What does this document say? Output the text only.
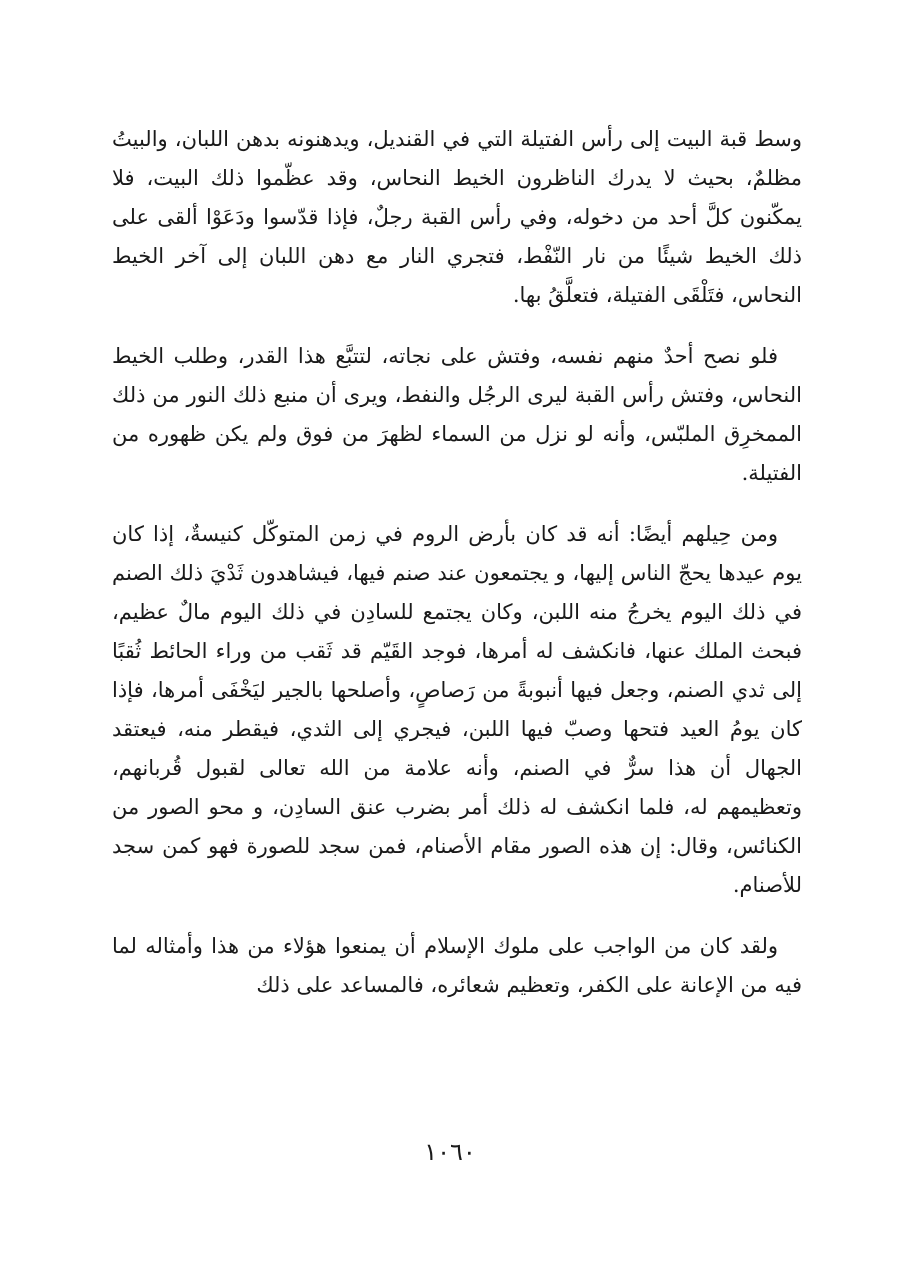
وسط قبة البيت إلى رأس الفتيلة التي في القنديل، ويدهنونه بدهن اللبان، والبيتُ مظلمٌ، بحيث لا يدرك الناظرون الخيط النحاس، وقد عظّموا ذلك البيت، فلا يمكّنون كلَّ أحد من دخوله، وفي رأس القبة رجلٌ، فإذا قدّسوا ودَعَوْا ألقى على ذلك الخيط شيئًا من نار النّفْط، فتجري النار مع دهن اللبان إلى آخر الخيط النحاس، فتَلْقَى الفتيلة، فتعلَّقُ بها.

فلو نصح أحدٌ منهم نفسه، وفتش على نجاته، لتتبَّع هذا القدر، وطلب الخيط النحاس، وفتش رأس القبة ليرى الرجُل والنفط، ويرى أن منبع ذلك النور من ذلك الممخرِق الملبّس، وأنه لو نزل من السماء لظهرَ من فوق ولم يكن ظهوره من الفتيلة.

ومن حِيلهم أيضًا: أنه قد كان بأرض الروم في زمن المتوكّل كنيسةٌ، إذا كان يوم عيدها يحجّ الناس إليها، و يجتمعون عند صنم فيها، فيشاهدون ثَدْيَ ذلك الصنم في ذلك اليوم يخرجُ منه اللبن، وكان يجتمع للسادِن في ذلك اليوم مالٌ عظيم، فبحث الملك عنها، فانكشف له أمرها، فوجد القَيّم قد ثَقب من وراء الحائط ثُقبًا إلى ثدي الصنم، وجعل فيها أنبوبةً من رَصاصٍ، وأصلحها بالجير ليَخْفَى أمرها، فإذا كان يومُ العيد فتحها وصبّ فيها اللبن، فيجري إلى الثدي، فيقطر منه، فيعتقد الجهال أن هذا سرٌّ في الصنم، وأنه علامة من الله تعالى لقبول قُربانهم، وتعظيمهم له، فلما انكشف له ذلك أمر بضرب عنق السادِن، و محو الصور من الكنائس، وقال: إن هذه الصور مقام الأصنام، فمن سجد للصورة فهو كمن سجد للأصنام.

ولقد كان من الواجب على ملوك الإسلام أن يمنعوا هؤلاء من هذا وأمثاله لما فيه من الإعانة على الكفر، وتعظيم شعائره، فالمساعد على ذلك

١٠٦٠
